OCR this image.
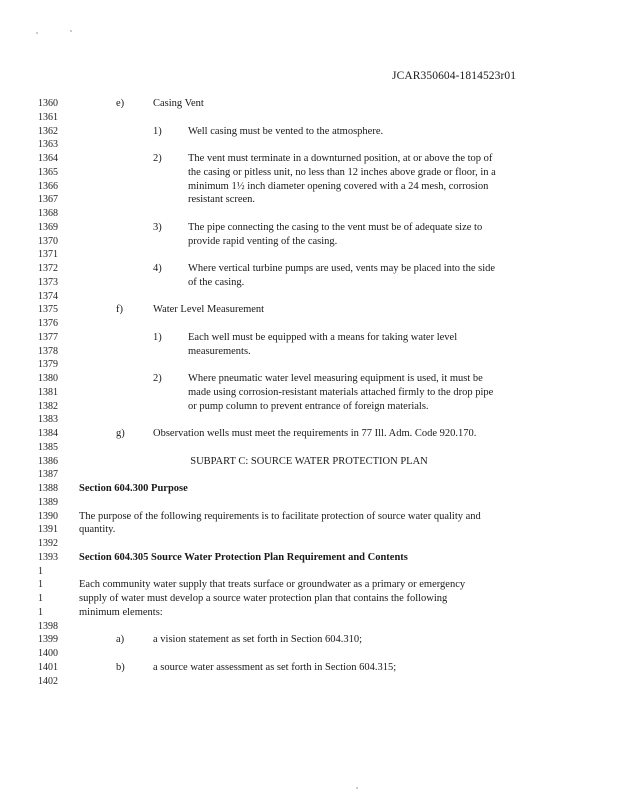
JCAR350604-1814523r01
1360	e)	Casing Vent
1361
1362	1)	Well casing must be vented to the atmosphere.
1363
1364	2)	The vent must terminate in a downturned position, at or above the top of
1365	the casing or pitless unit, no less than 12 inches above grade or floor, in a
1366	minimum 1½ inch diameter opening covered with a 24 mesh, corrosion
1367	resistant screen.
1368
1369	3)	The pipe connecting the casing to the vent must be of adequate size to
1370	provide rapid venting of the casing.
1371
1372	4)	Where vertical turbine pumps are used, vents may be placed into the side
1373	of the casing.
1374
1375	f)	Water Level Measurement
1376
1377	1)	Each well must be equipped with a means for taking water level
1378	measurements.
1379
1380	2)	Where pneumatic water level measuring equipment is used, it must be
1381	made using corrosion-resistant materials attached firmly to the drop pipe
1382	or pump column to prevent entrance of foreign materials.
1383
1384	g)	Observation wells must meet the requirements in 77 Ill. Adm. Code 920.170.
1385
1386	SUBPART C: SOURCE WATER PROTECTION PLAN
1387
1388 Section 604.300 Purpose
1389
1390 The purpose of the following requirements is to facilitate protection of source water quality and
1391 quantity.
1392
1393 Section 604.305 Source Water Protection Plan Requirement and Contents
1
1	Each community water supply that treats surface or groundwater as a primary or emergency
1	supply of water must develop a source water protection plan that contains the following
1	minimum elements:
1398
1399	a)	a vision statement as set forth in Section 604.310;
1400
1401	b)	a source water assessment as set forth in Section 604.315;
1402
